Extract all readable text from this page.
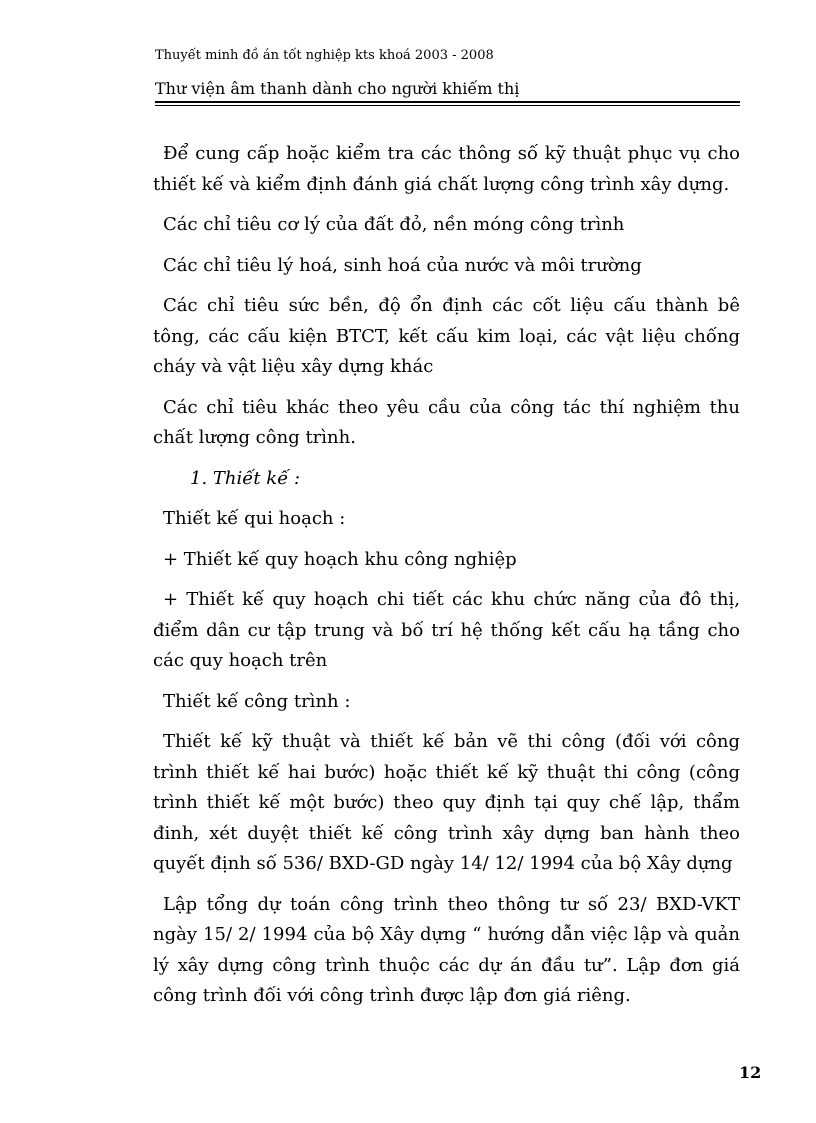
Thuyết minh đồ án tốt nghiệp kts khoá 2003 - 2008
Thư viện âm thanh dành cho người khiếm thị

Để cung cấp hoặc kiểm tra các thông số kỹ thuật phục vụ cho thiết kế và kiểm định đánh giá chất lượng công trình xây dựng.

Các chỉ tiêu cơ lý của đất đỏ, nền móng công trình

Các chỉ tiêu lý hoá, sinh hoá của nước và môi trường

Các chỉ tiêu sức bền, độ ổn định các cốt liệu cấu thành bê tông, các cấu kiện BTCT, kết cấu kim loại, các vật liệu chống cháy và vật liệu xây dựng khác

Các chỉ tiêu khác theo yêu cầu của công tác thí nghiệm thu chất lượng công trình.

1. Thiết kế :

Thiết kế qui hoạch :

+ Thiết kế quy hoạch khu công nghiệp

+ Thiết kế quy hoạch chi tiết các khu chức năng của đô thị, điểm dân cư tập trung và bố trí hệ thống kết cấu hạ tầng cho các quy hoạch trên

Thiết kế công trình :

Thiết kế kỹ thuật và thiết kế bản vẽ thi công (đối với công trình thiết kế hai bước) hoặc thiết kế kỹ thuật thi công (công trình thiết kế một bước) theo quy định tại quy chế lập, thẩm đinh, xét duyệt thiết kế công trình xây dựng ban hành theo quyết định số 536/ BXD-GD ngày 14/ 12/ 1994 của bộ Xây dựng

Lập tổng dự toán công trình theo thông tư số 23/ BXD-VKT ngày 15/ 2/ 1994 của bộ Xây dựng “ hướng dẫn việc lập và quản lý xây dựng công trình thuộc các dự án đầu tư”. Lập đơn giá công trình đối với công trình được lập đơn giá riêng.

12
